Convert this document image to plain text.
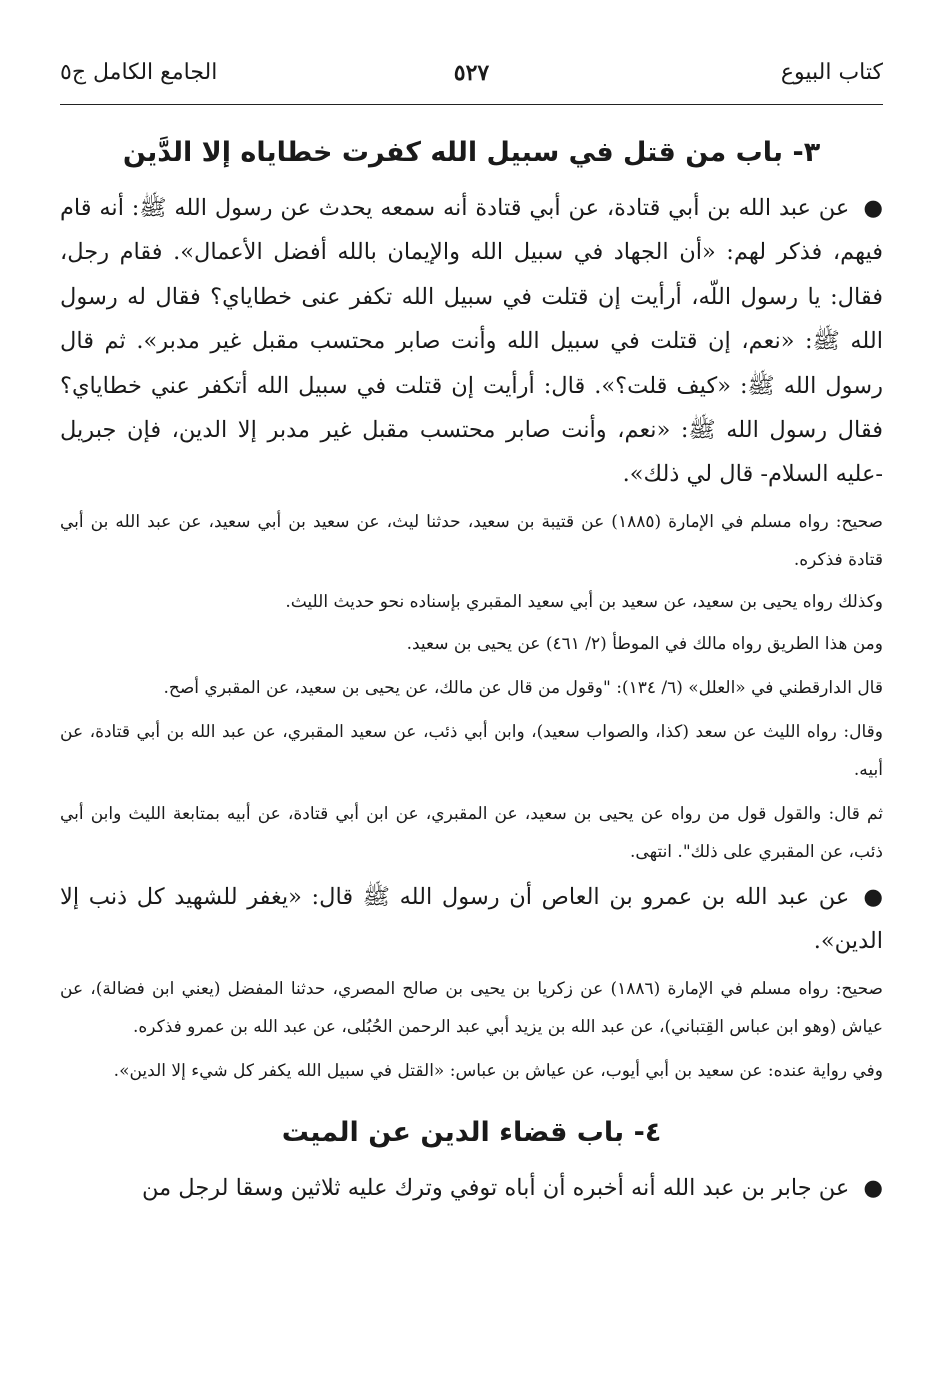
كتاب البيوع
٥٢٧
الجامع الكامل ج٥
٣- باب من قتل في سبيل الله كفرت خطاياه إلا الدَّين

●عن عبد الله بن أبي قتادة، عن أبي قتادة أنه سمعه يحدث عن رسول الله ﷺ: أنه قام فيهم، فذكر لهم: «أن الجهاد في سبيل الله والإيمان بالله أفضل الأعمال». فقام رجل، فقال: يا رسول اللّه، أرأيت إن قتلت في سبيل الله تكفر عنى خطاياي؟ فقال له رسول الله ﷺ: «نعم، إن قتلت في سبيل الله وأنت صابر محتسب مقبل غير مدبر». ثم قال رسول الله ﷺ: «كيف قلت؟». قال: أرأيت إن قتلت في سبيل الله أتكفر عني خطاياي؟ فقال رسول الله ﷺ: «نعم، وأنت صابر محتسب مقبل غير مدبر إلا الدين، فإن جبريل -عليه السلام- قال لي ذلك».

صحيح: رواه مسلم في الإمارة (١٨٨٥) عن قتيبة بن سعيد، حدثنا ليث، عن سعيد بن أبي سعيد، عن عبد الله بن أبي قتادة فذكره.

وكذلك رواه يحيى بن سعيد، عن سعيد بن أبي سعيد المقبري بإسناده نحو حديث الليث.

ومن هذا الطريق رواه مالك في الموطأ (٢/ ٤٦١) عن يحيى بن سعيد.

قال الدارقطني في «العلل» (٦/ ١٣٤): "وقول من قال عن مالك، عن يحيى بن سعيد، عن المقبري أصح.

وقال: رواه الليث عن سعد (كذا، والصواب سعيد)، وابن أبي ذئب، عن سعيد المقبري، عن عبد الله بن أبي قتادة، عن أبيه.

ثم قال: والقول قول من رواه عن يحيى بن سعيد، عن المقبري، عن ابن أبي قتادة، عن أبيه بمتابعة الليث وابن أبي ذئب، عن المقبري على ذلك". انتهى.

●عن عبد الله بن عمرو بن العاص أن رسول الله ﷺ قال: «يغفر للشهيد كل ذنب إلا الدين».

صحيح: رواه مسلم في الإمارة (١٨٨٦) عن زكريا بن يحيى بن صالح المصري، حدثنا المفضل (يعني ابن فضالة)، عن عياش (وهو ابن عباس القِتباني)، عن عبد الله بن يزيد أبي عبد الرحمن الحُبُلى، عن عبد الله بن عمرو فذكره.

وفي رواية عنده: عن سعيد بن أبي أيوب، عن عياش بن عباس: «القتل في سبيل الله يكفر كل شيء إلا الدين».

٤- باب قضاء الدين عن الميت

●عن جابر بن عبد الله أنه أخبره أن أباه توفي وترك عليه ثلاثين وسقا لرجل من
